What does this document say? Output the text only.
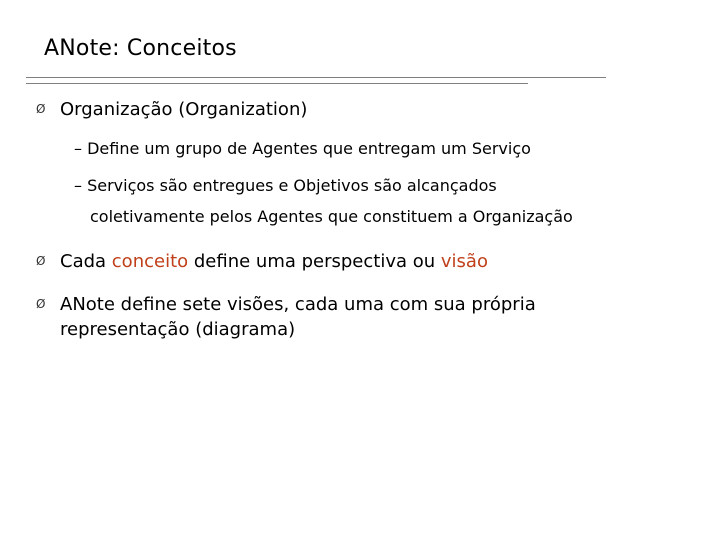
ANote: Conceitos
Ø Organização (Organization)
– Define um grupo de Agentes que entregam um Serviço
– Serviços são entregues e Objetivos são alcançados
coletivamente pelos Agentes que constituem a Organização
Ø Cada conceito define uma perspectiva ou visão
Ø ANote define sete visões, cada uma com sua própria
representação (diagrama)
